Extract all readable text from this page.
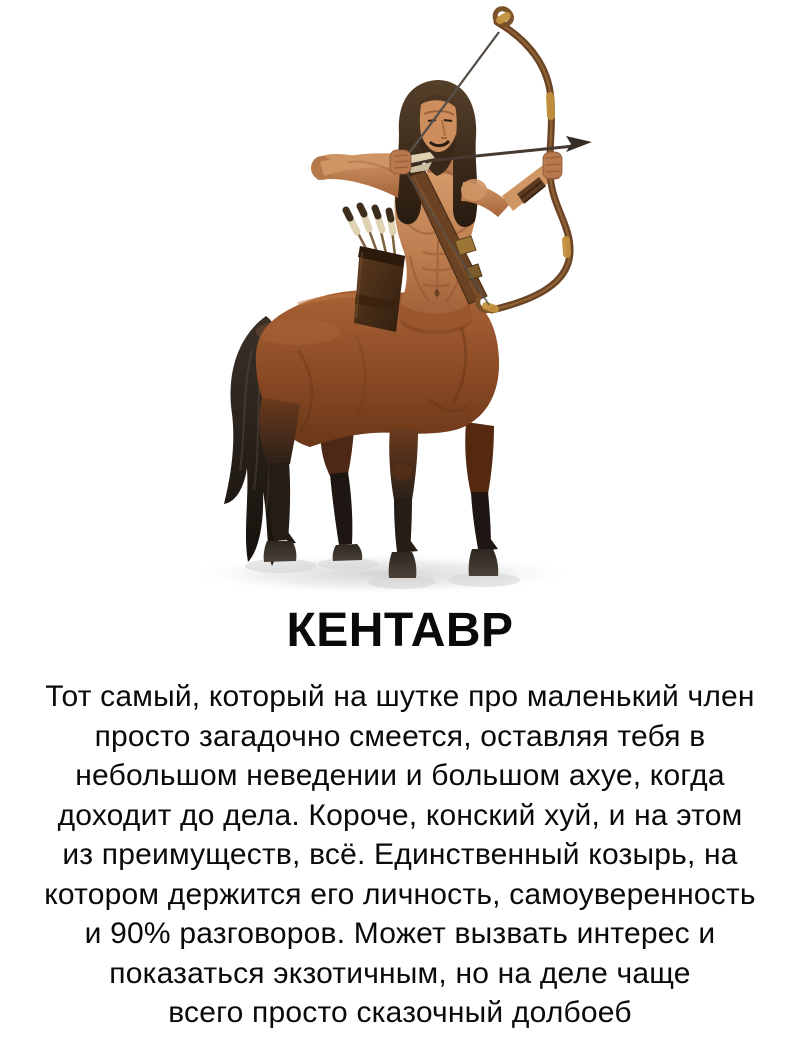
КЕНТАВР
Тот самый, который на шутке про маленький член
просто загадочно смеется, оставляя тебя в
небольшом неведении и большом ахуе, когда
доходит до дела. Короче, конский хуй, и на этом
из преимуществ, всё. Единственный козырь, на
котором держится его личность, самоуверенность
и 90% разговоров. Может вызвать интерес и
показаться экзотичным, но на деле чаще
всего просто сказочный долбоеб
